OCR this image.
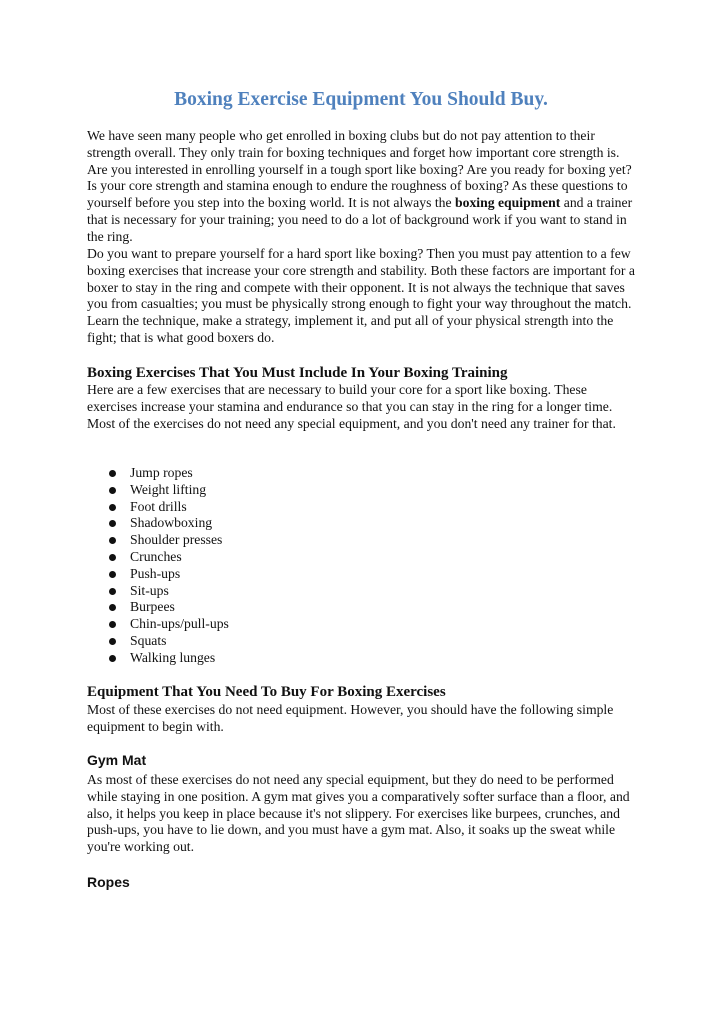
Boxing Exercise Equipment You Should Buy.

We have seen many people who get enrolled in boxing clubs but do not pay attention to their strength overall. They only train for boxing techniques and forget how important core strength is. Are you interested in enrolling yourself in a tough sport like boxing? Are you ready for boxing yet? Is your core strength and stamina enough to endure the roughness of boxing? As these questions to yourself before you step into the boxing world. It is not always the boxing equipment and a trainer that is necessary for your training; you need to do a lot of background work if you want to stand in the ring.

Do you want to prepare yourself for a hard sport like boxing? Then you must pay attention to a few boxing exercises that increase your core strength and stability. Both these factors are important for a boxer to stay in the ring and compete with their opponent. It is not always the technique that saves you from casualties; you must be physically strong enough to fight your way throughout the match. Learn the technique, make a strategy, implement it, and put all of your physical strength into the fight; that is what good boxers do.

Boxing Exercises That You Must Include In Your Boxing Training

Here are a few exercises that are necessary to build your core for a sport like boxing. These exercises increase your stamina and endurance so that you can stay in the ring for a longer time. Most of the exercises do not need any special equipment, and you don't need any trainer for that.

Jump ropes
Weight lifting
Foot drills
Shadowboxing
Shoulder presses
Crunches
Push-ups
Sit-ups
Burpees
Chin-ups/pull-ups
Squats
Walking lunges
Equipment That You Need To Buy For Boxing Exercises

Most of these exercises do not need equipment. However, you should have the following simple equipment to begin with.

Gym Mat

As most of these exercises do not need any special equipment, but they do need to be performed while staying in one position. A gym mat gives you a comparatively softer surface than a floor, and also, it helps you keep in place because it's not slippery. For exercises like burpees, crunches, and push-ups, you have to lie down, and you must have a gym mat. Also, it soaks up the sweat while you're working out.

Ropes
